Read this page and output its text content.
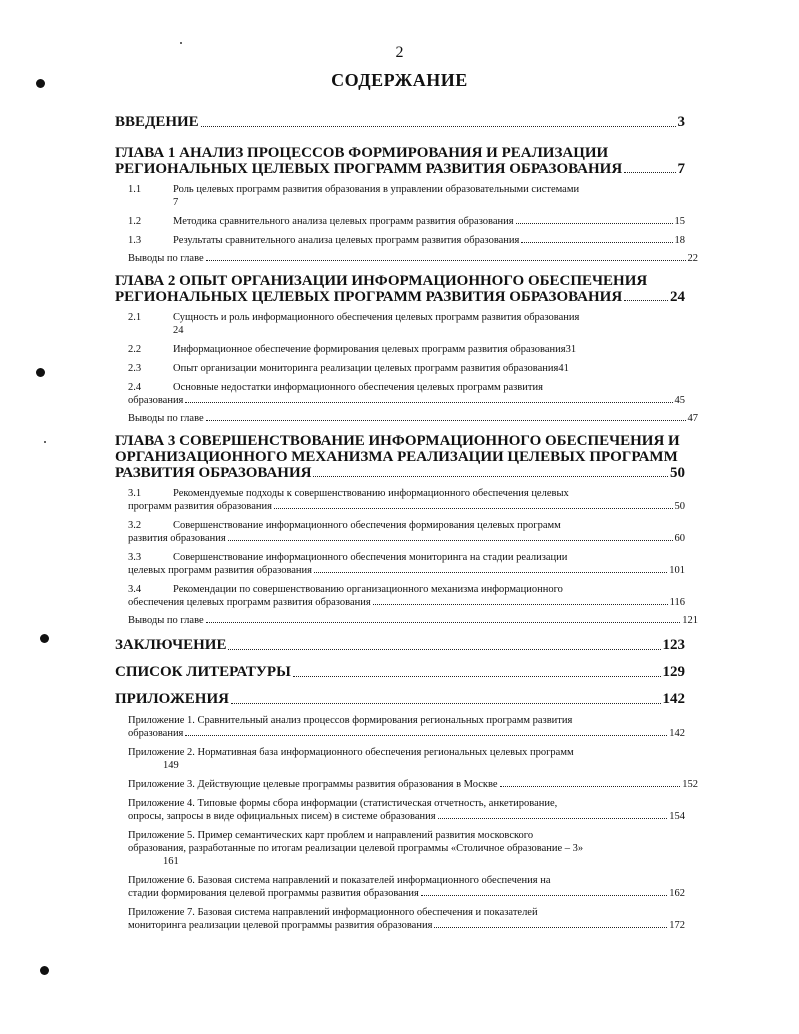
2
СОДЕРЖАНИЕ
ВВЕДЕНИЕ	3
ГЛАВА 1 АНАЛИЗ ПРОЦЕССОВ ФОРМИРОВАНИЯ И РЕАЛИЗАЦИИ
РЕГИОНАЛЬНЫХ ЦЕЛЕВЫХ ПРОГРАММ РАЗВИТИЯ ОБРАЗОВАНИЯ	7
1.1	Роль целевых программ развития образования в управлении образовательными системами
7
1.2	Методика сравнительного анализа целевых программ развития образования	15
1.3	Результаты сравнительного анализа целевых программ развития образования	18
Выводы по главе	22
ГЛАВА 2 ОПЫТ ОРГАНИЗАЦИИ ИНФОРМАЦИОННОГО ОБЕСПЕЧЕНИЯ
РЕГИОНАЛЬНЫХ ЦЕЛЕВЫХ ПРОГРАММ РАЗВИТИЯ ОБРАЗОВАНИЯ	24
2.1	Сущность и роль информационного обеспечения целевых программ развития образования
24
2.2	Информационное обеспечение формирования целевых программ развития образования 31
2.3	Опыт организации мониторинга реализации целевых программ развития образования 41
2.4	Основные недостатки информационного обеспечения целевых программ развития
образования	45
Выводы по главе	47
ГЛАВА 3 СОВЕРШЕНСТВОВАНИЕ ИНФОРМАЦИОННОГО ОБЕСПЕЧЕНИЯ И
ОРГАНИЗАЦИОННОГО МЕХАНИЗМА РЕАЛИЗАЦИИ ЦЕЛЕВЫХ ПРОГРАММ
РАЗВИТИЯ ОБРАЗОВАНИЯ	50
3.1	Рекомендуемые подходы к совершенствованию информационного обеспечения целевых
программ развития образования	50
3.2	Совершенствование информационного обеспечения формирования целевых программ
развития образования	60
3.3	Совершенствование информационного обеспечения мониторинга на стадии реализации
целевых программ развития образования	101
3.4	Рекомендации по совершенствованию организационного механизма информационного
обеспечения целевых программ развития образования	116
Выводы по главе	121
ЗАКЛЮЧЕНИЕ	123
СПИСОК ЛИТЕРАТУРЫ	129
ПРИЛОЖЕНИЯ	142
Приложение 1. Сравнительный анализ процессов формирования региональных программ развития
образования	142
Приложение 2. Нормативная база информационного обеспечения региональных целевых программ
149
Приложение 3. Действующие целевые программы развития образования в Москве	152
Приложение 4. Типовые формы сбора информации (статистическая отчетность, анкетирование,
опросы, запросы в виде официальных писем) в системе образования	154
Приложение 5. Пример семантических карт проблем и направлений развития московского
образования, разработанные по итогам реализации целевой программы «Столичное образование – 3»
161
Приложение 6. Базовая система направлений и показателей информационного обеспечения на
стадии формирования целевой программы развития образования	162
Приложение 7. Базовая система направлений информационного обеспечения и показателей
мониторинга реализации целевой программы развития образования	172
